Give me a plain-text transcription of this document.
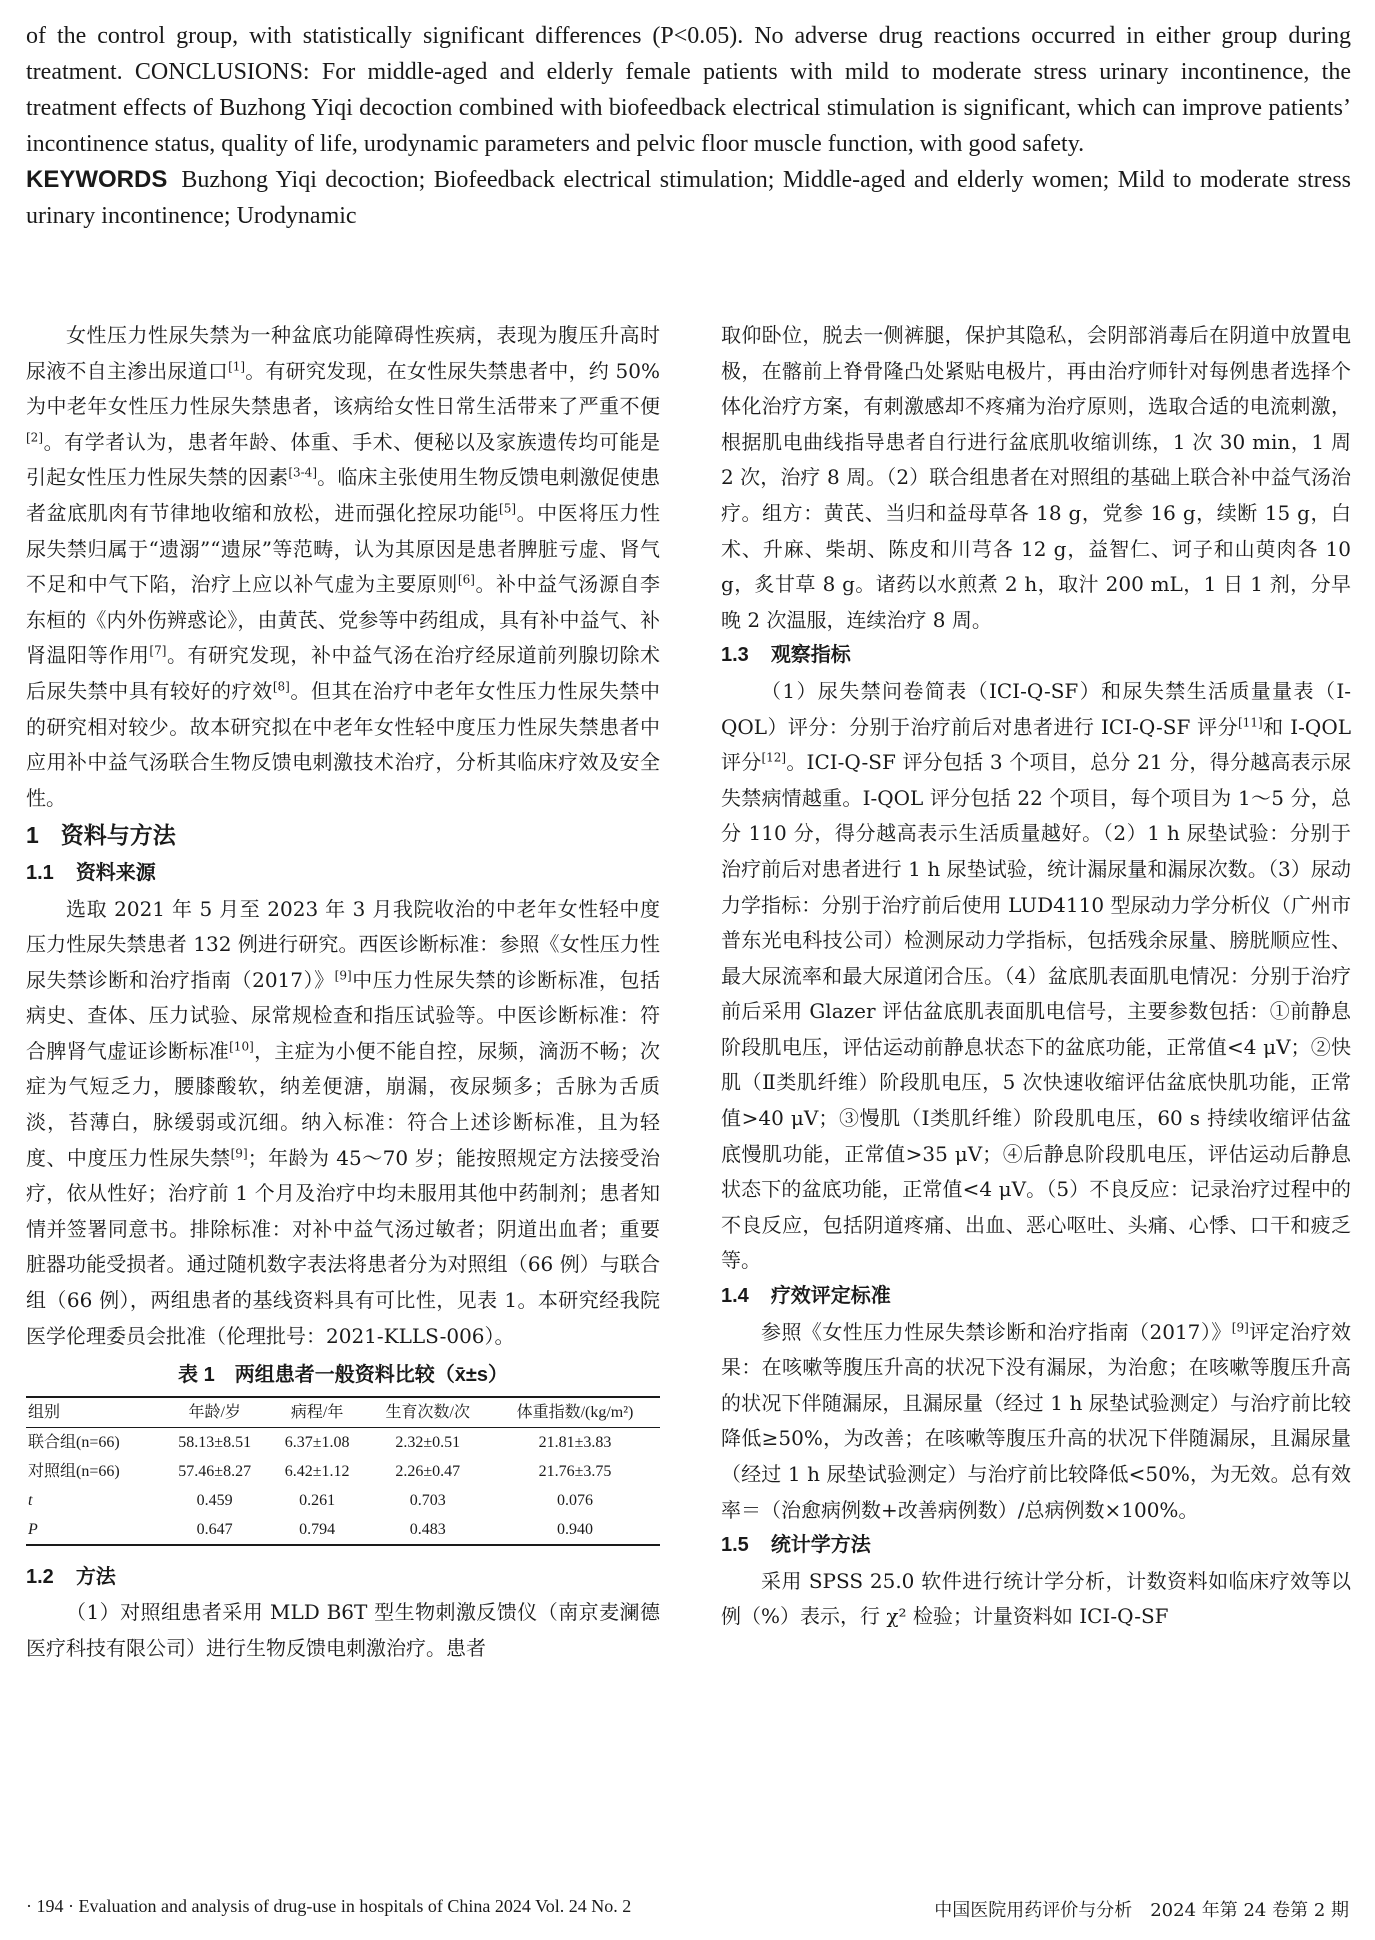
of the control group, with statistically significant differences (P<0.05). No adverse drug reactions occurred in either group during treatment. CONCLUSIONS: For middle-aged and elderly female patients with mild to moderate stress urinary incontinence, the treatment effects of Buzhong Yiqi decoction combined with biofeedback electrical stimulation is significant, which can improve patients’ incontinence status, quality of life, urodynamic parameters and pelvic floor muscle function, with good safety.
KEYWORDS Buzhong Yiqi decoction; Biofeedback electrical stimulation; Middle-aged and elderly women; Mild to moderate stress urinary incontinence; Urodynamic

女性压力性尿失禁为一种盆底功能障碍性疾病，表现为腹压升高时尿液不自主渗出尿道口[1]。有研究发现，在女性尿失禁患者中，约 50% 为中老年女性压力性尿失禁患者，该病给女性日常生活带来了严重不便[2]。有学者认为，患者年龄、体重、手术、便秘以及家族遗传均可能是引起女性压力性尿失禁的因素[3-4]。临床主张使用生物反馈电刺激促使患者盆底肌肉有节律地收缩和放松，进而强化控尿功能[5]。中医将压力性尿失禁归属于“遗溺”“遗尿”等范畴，认为其原因是患者脾脏亏虚、肾气不足和中气下陷，治疗上应以补气虚为主要原则[6]。补中益气汤源自李东桓的《内外伤辨惑论》，由黄芪、党参等中药组成，具有补中益气、补肾温阳等作用[7]。有研究发现，补中益气汤在治疗经尿道前列腺切除术后尿失禁中具有较好的疗效[8]。但其在治疗中老年女性压力性尿失禁中的研究相对较少。故本研究拟在中老年女性轻中度压力性尿失禁患者中应用补中益气汤联合生物反馈电刺激技术治疗，分析其临床疗效及安全性。

1 资料与方法
1.1 资料来源

选取 2021 年 5 月至 2023 年 3 月我院收治的中老年女性轻中度压力性尿失禁患者 132 例进行研究。西医诊断标准：参照《女性压力性尿失禁诊断和治疗指南（2017）》[9]中压力性尿失禁的诊断标准，包括病史、查体、压力试验、尿常规检查和指压试验等。中医诊断标准：符合脾肾气虚证诊断标准[10]，主症为小便不能自控，尿频，滴沥不畅；次症为气短乏力，腰膝酸软，纳差便溏，崩漏，夜尿频多；舌脉为舌质淡，苔薄白，脉缓弱或沉细。纳入标准：符合上述诊断标准，且为轻度、中度压力性尿失禁[9]；年龄为 45～70 岁；能按照规定方法接受治疗，依从性好；治疗前 1 个月及治疗中均未服用其他中药制剂；患者知情并签署同意书。排除标准：对补中益气汤过敏者；阴道出血者；重要脏器功能受损者。通过随机数字表法将患者分为对照组（66 例）与联合组（66 例），两组患者的基线资料具有可比性，见表 1。本研究经我院医学伦理委员会批准（伦理批号：2021-KLLS-006）。

表 1　两组患者一般资料比较（x̄±s）
组别	年龄/岁	病程/年	生育次数/次	体重指数/(kg/m²)
联合组(n=66)	58.13±8.51	6.37±1.08	2.32±0.51	21.81±3.83
对照组(n=66)	57.46±8.27	6.42±1.12	2.26±0.47	21.76±3.75
t	0.459	0.261	0.703	0.076
P	0.647	0.794	0.483	0.940
1.2 方法

（1）对照组患者采用 MLD B6T 型生物刺激反馈仪（南京麦澜德医疗科技有限公司）进行生物反馈电刺激治疗。患者

取仰卧位，脱去一侧裤腿，保护其隐私，会阴部消毒后在阴道中放置电极，在髂前上脊骨隆凸处紧贴电极片，再由治疗师针对每例患者选择个体化治疗方案，有刺激感却不疼痛为治疗原则，选取合适的电流刺激，根据肌电曲线指导患者自行进行盆底肌收缩训练，1 次 30 min，1 周 2 次，治疗 8 周。（2）联合组患者在对照组的基础上联合补中益气汤治疗。组方：黄芪、当归和益母草各 18 g，党参 16 g，续断 15 g，白术、升麻、柴胡、陈皮和川芎各 12 g，益智仁、诃子和山萸肉各 10 g，炙甘草 8 g。诸药以水煎煮 2 h，取汁 200 mL，1 日 1 剂，分早晚 2 次温服，连续治疗 8 周。

1.3 观察指标

（1）尿失禁问卷简表（ICI-Q-SF）和尿失禁生活质量量表（I-QOL）评分：分别于治疗前后对患者进行 ICI-Q-SF 评分[11]和 I-QOL 评分[12]。ICI-Q-SF 评分包括 3 个项目，总分 21 分，得分越高表示尿失禁病情越重。I-QOL 评分包括 22 个项目，每个项目为 1～5 分，总分 110 分，得分越高表示生活质量越好。（2）1 h 尿垫试验：分别于治疗前后对患者进行 1 h 尿垫试验，统计漏尿量和漏尿次数。（3）尿动力学指标：分别于治疗前后使用 LUD4110 型尿动力学分析仪（广州市普东光电科技公司）检测尿动力学指标，包括残余尿量、膀胱顺应性、最大尿流率和最大尿道闭合压。（4）盆底肌表面肌电情况：分别于治疗前后采用 Glazer 评估盆底肌表面肌电信号，主要参数包括：①前静息阶段肌电压，评估运动前静息状态下的盆底功能，正常值<4 μV；②快肌（Ⅱ类肌纤维）阶段肌电压，5 次快速收缩评估盆底快肌功能，正常值>40 μV；③慢肌（Ⅰ类肌纤维）阶段肌电压，60 s 持续收缩评估盆底慢肌功能，正常值>35 μV；④后静息阶段肌电压，评估运动后静息状态下的盆底功能，正常值<4 μV。（5）不良反应：记录治疗过程中的不良反应，包括阴道疼痛、出血、恶心呕吐、头痛、心悸、口干和疲乏等。

1.4 疗效评定标准

参照《女性压力性尿失禁诊断和治疗指南（2017）》[9]评定治疗效果：在咳嗽等腹压升高的状况下没有漏尿，为治愈；在咳嗽等腹压升高的状况下伴随漏尿，且漏尿量（经过 1 h 尿垫试验测定）与治疗前比较降低≥50%，为改善；在咳嗽等腹压升高的状况下伴随漏尿，且漏尿量（经过 1 h 尿垫试验测定）与治疗前比较降低<50%，为无效。总有效率＝（治愈病例数+改善病例数）/总病例数×100%。

1.5 统计学方法

采用 SPSS 25.0 软件进行统计学分析，计数资料如临床疗效等以例（%）表示，行 χ² 检验；计量资料如 ICI-Q-SF

· 194 · Evaluation and analysis of drug-use in hospitals of China 2024 Vol. 24 No. 2	中国医院用药评价与分析　2024 年第 24 卷第 2 期
